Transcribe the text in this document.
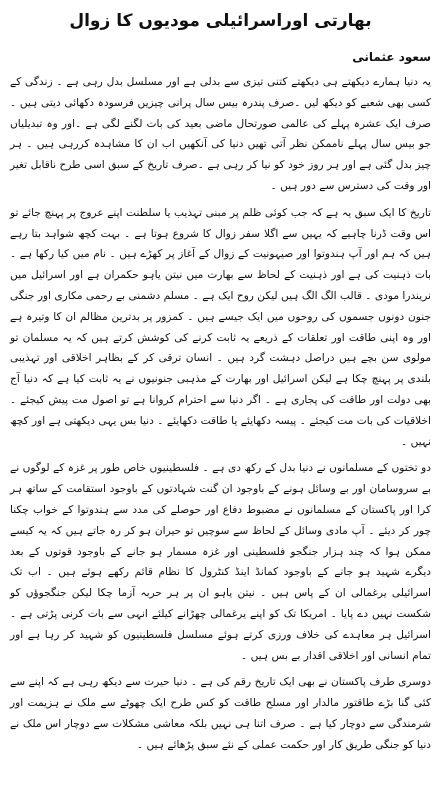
بھارتی اوراسرائیلی مودیوں کا زوال
سعود عثمانی

یہ دنیا ہمارے دیکھتے ہی دیکھتے کتنی تیزی سے بدلی ہے اور مسلسل بدل رہی ہے ۔ زندگی کے کسی بھی شعبے کو دیکھ لیں ۔صرف پندرہ بیس سال پرانی چیزیں فرسودہ دکھائی دیتی ہیں ۔صرف ایک عشرہ پہلے کی عالمی صورتحال ماضی بعید کی بات لگنے لگی ہے ۔اور وہ تبدیلیاں جو بیس سال پہلے ناممکن نظر آتی تھیں دنیا کی آنکھیں اب ان کا مشاہدہ کررہی ہیں ۔ ہر چیز بدل گئی ہے اور ہر روز خود کو نیا کر رہی ہے ۔صرف تاریخ کے سبق اسی طرح ناقابل تغیر اور وقت کی دسترس سے دور ہیں ۔

تاریخ کا ایک سبق یہ ہے کہ جب کوئی ظلم پر مبنی تہذیب یا سلطنت اپنے عروج پر پہنچ جائے تو اس وقت ڈرنا چاہیے کہ یہیں سے اگلا سفر زوال کا شروع ہوتا ہے ۔ بہت کچھ شواہد بتا رہے ہیں کہ ہم اور آپ ہندوتوا اور صیہونیت کے زوال کے آغاز پر کھڑے ہیں ۔ نام میں کیا رکھا ہے ۔ بات ذہنیت کی ہے اور ذہنیت کے لحاظ سے بھارت میں نیتن یاہو حکمران ہے اور اسرائیل میں نریندرا مودی ۔ قالب الگ الگ ہیں لیکن روح ایک ہے ۔ مسلم دشمنی بے رحمی مکاری اور جنگی جنون دونوں جسموں کی روحوں میں ایک جیسے ہیں ۔ کمزور پر بدترین مظالم ان کا وتیرہ ہے اور وہ اپنی طاقت اور تعلقات کے ذریعے یہ ثابت کرنے کی کوشش کرتے ہیں کہ یہ مسلمان تو مولوی سن بچے ہیں دراصل دہشت گرد ہیں ۔ انسان ترقی کر کے بظاہر اخلاقی اور تہذیبی بلندی پر پہنچ چکا ہے لیکن اسرائیل اور بھارت کے مذہبی جنونیوں نے یہ ثابت کیا ہے کہ دنیا آج بھی دولت اور طاقت کی پجاری ہے ۔ اگر دنیا سے احترام کروانا ہے تو اصول مت پیش کیجئے ۔ اخلاقیات کی بات مت کیجئے ۔ پیسہ دکھایئے یا طاقت دکھایئے ۔ دنیا بس یہی دیکھتی ہے اور کچھ نہیں ۔

دو تختوں کے مسلمانوں نے دنیا بدل کے رکھ دی ہے ۔ فلسطینیوں خاص طور پر غزہ کے لوگوں نے بے سروسامان اور بے وسائل ہونے کے باوجود ان گنت شہادتوں کے باوجود استقامت کے ساتھ ہر کرا اور پاکستان کے مسلمانوں نے مضبوط دفاع اور حوصلے کی مدد سے ہندوتوا کے خواب چکنا چور کر دیئے ۔ آپ مادی وسائل کے لحاظ سے سوچیں تو حیران ہو کر رہ جاتے ہیں کہ یہ کیسے ممکن ہوا کہ چند ہزار جنگجو فلسطینی اور غزہ مسمار ہو جانے کے باوجود قوتوں کے بعد دیگرے شہید ہو جانے کے باوجود کمانڈ اینڈ کنٹرول کا نظام قائم رکھے ہوئے ہیں ۔ اب تک اسرائیلی یرغمالی ان کے پاس ہیں ۔ نیتن یاہو ان پر ہر حربہ آزما چکا لیکن جنگجوؤں کو شکست نہیں دے پایا ۔ امریکا تک کو اپنے یرغمالی چھڑانے کیلئے انہی سے بات کرنی پڑتی ہے ۔ اسرائیل ہر معاہدے کی خلاف ورزی کرتے ہوئے مسلسل فلسطینیوں کو شہید کر رہا ہے اور تمام انسانی اور اخلاقی اقدار بے بس ہیں ۔

دوسری طرف پاکستان نے بھی ایک تاریخ رقم کی ہے ۔ دنیا حیرت سے دیکھ رہی ہے کہ اپنے سے کئی گنا بڑے طاقتور مالدار اور مسلح طاقت کو کس طرح ایک چھوٹے سے ملک نے ہزیمت اور شرمندگی سے دوچار کیا ہے ۔ صرف اتنا ہی نہیں بلکہ معاشی مشکلات سے دوچار اس ملک نے دنیا کو جنگی طریق کار اور حکمت عملی کے نئے سبق پڑھائے ہیں ۔
